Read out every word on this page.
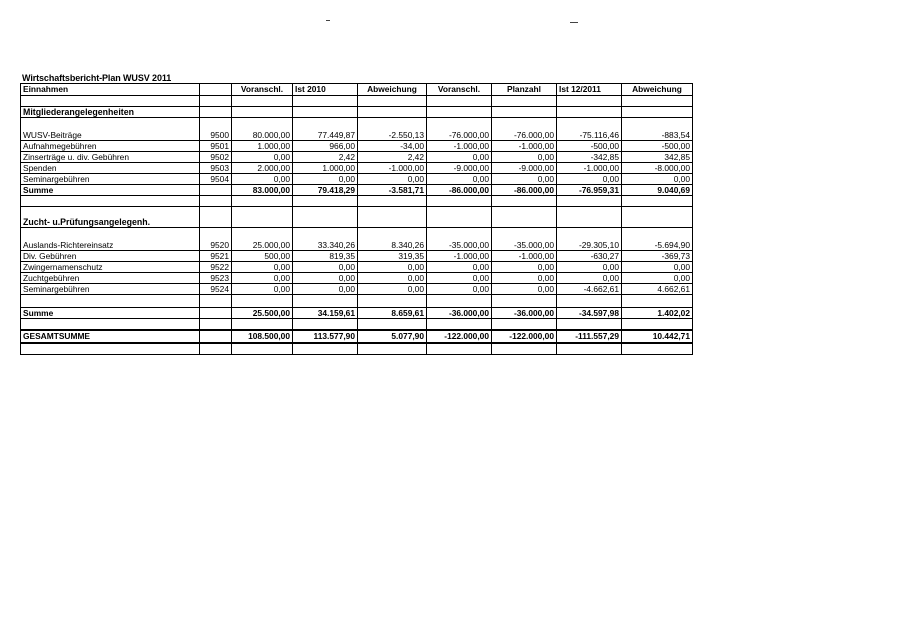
Wirtschaftsbericht-Plan WUSV 2011
Einnahmen		Voranschl.	Ist 2010	Abweichung	Voranschl.	Planzahl	Ist 12/2011	Abweichung

Mitgliederangelegenheiten								

WUSV-Beiträge	9500	80.000,00	77.449,87	-2.550,13	-76.000,00	-76.000,00	-75.116,46	-883,54
Aufnahmegebühren	9501	1.000,00	966,00	-34,00	-1.000,00	-1.000,00	-500,00	-500,00
Zinserträge u. div. Gebühren	9502	0,00	2,42	2,42	0,00	0,00	-342,85	342,85
Spenden	9503	2.000,00	1.000,00	-1.000,00	-9.000,00	-9.000,00	-1.000,00	-8.000,00
Seminargebühren	9504	0,00	0,00	0,00	0,00	0,00	0,00	0,00
Summe		83.000,00	79.418,29	-3.581,71	-86.000,00	-86.000,00	-76.959,31	9.040,69

Zucht- u.Prüfungsangelegenh.								

Auslands-Richtereinsatz	9520	25.000,00	33.340,26	8.340,26	-35.000,00	-35.000,00	-29.305,10	-5.694,90
Div. Gebühren	9521	500,00	819,35	319,35	-1.000,00	-1.000,00	-630,27	-369,73
Zwingernamenschutz	9522	0,00	0,00	0,00	0,00	0,00	0,00	0,00
Zuchtgebühren	9523	0,00	0,00	0,00	0,00	0,00	0,00	0,00
Seminargebühren	9524	0,00	0,00	0,00	0,00	0,00	-4.662,61	4.662,61

Summe		25.500,00	34.159,61	8.659,61	-36.000,00	-36.000,00	-34.597,98	1.402,02

GESAMTSUMME		108.500,00	113.577,90	5.077,90	-122.000,00	-122.000,00	-111.557,29	10.442,71
